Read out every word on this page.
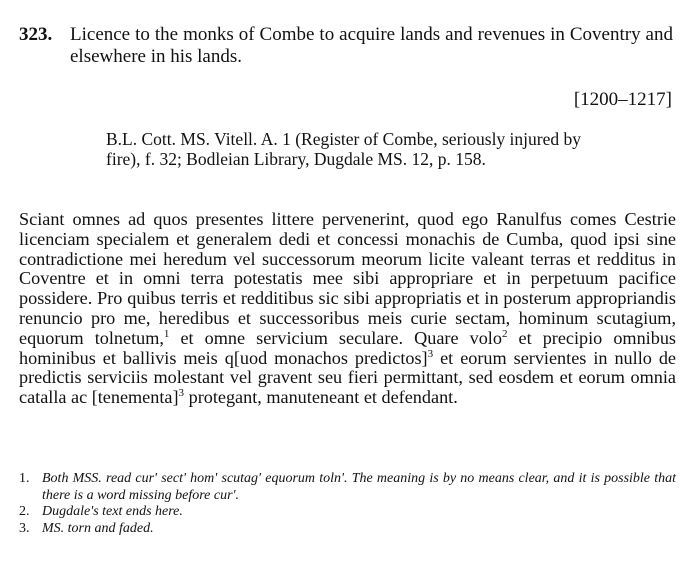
323. Licence to the monks of Combe to acquire lands and revenues in Coventry and elsewhere in his lands.
[1200–1217]
B.L. Cott. MS. Vitell. A. 1 (Register of Combe, seriously injured by fire), f. 32; Bodleian Library, Dugdale MS. 12, p. 158.

Sciant omnes ad quos presentes littere pervenerint, quod ego Ranulfus comes Cestrie licenciam specialem et generalem dedi et concessi monachis de Cumba, quod ipsi sine contradictione mei heredum vel successorum meorum licite valeant terras et redditus in Coventre et in omni terra potestatis mee sibi appropriare et in perpetuum pacifice possidere. Pro quibus terris et redditibus sic sibi appropriatis et in posterum appropriandis renuncio pro me, heredibus et successoribus meis curie sectam, hominum scutagium, equorum tolnetum,$^1$ et omne servicium seculare. Quare volo$^2$ et precipio omnibus hominibus et ballivis meis q[uod monachos predictos]$^3$ et eorum servientes in nullo de predictis serviciis molestant vel gravent seu fieri permittant, sed eosdem et eorum omnia catalla ac [tenementa]$^3$ protegant, manuteneant et defendant.

1. Both MSS. read cur' sect' hom' scutag' equorum toln'. The meaning is by no means clear, and it is possible that there is a word missing before cur'.
2. Dugdale's text ends here.
3. MS. torn and faded.
